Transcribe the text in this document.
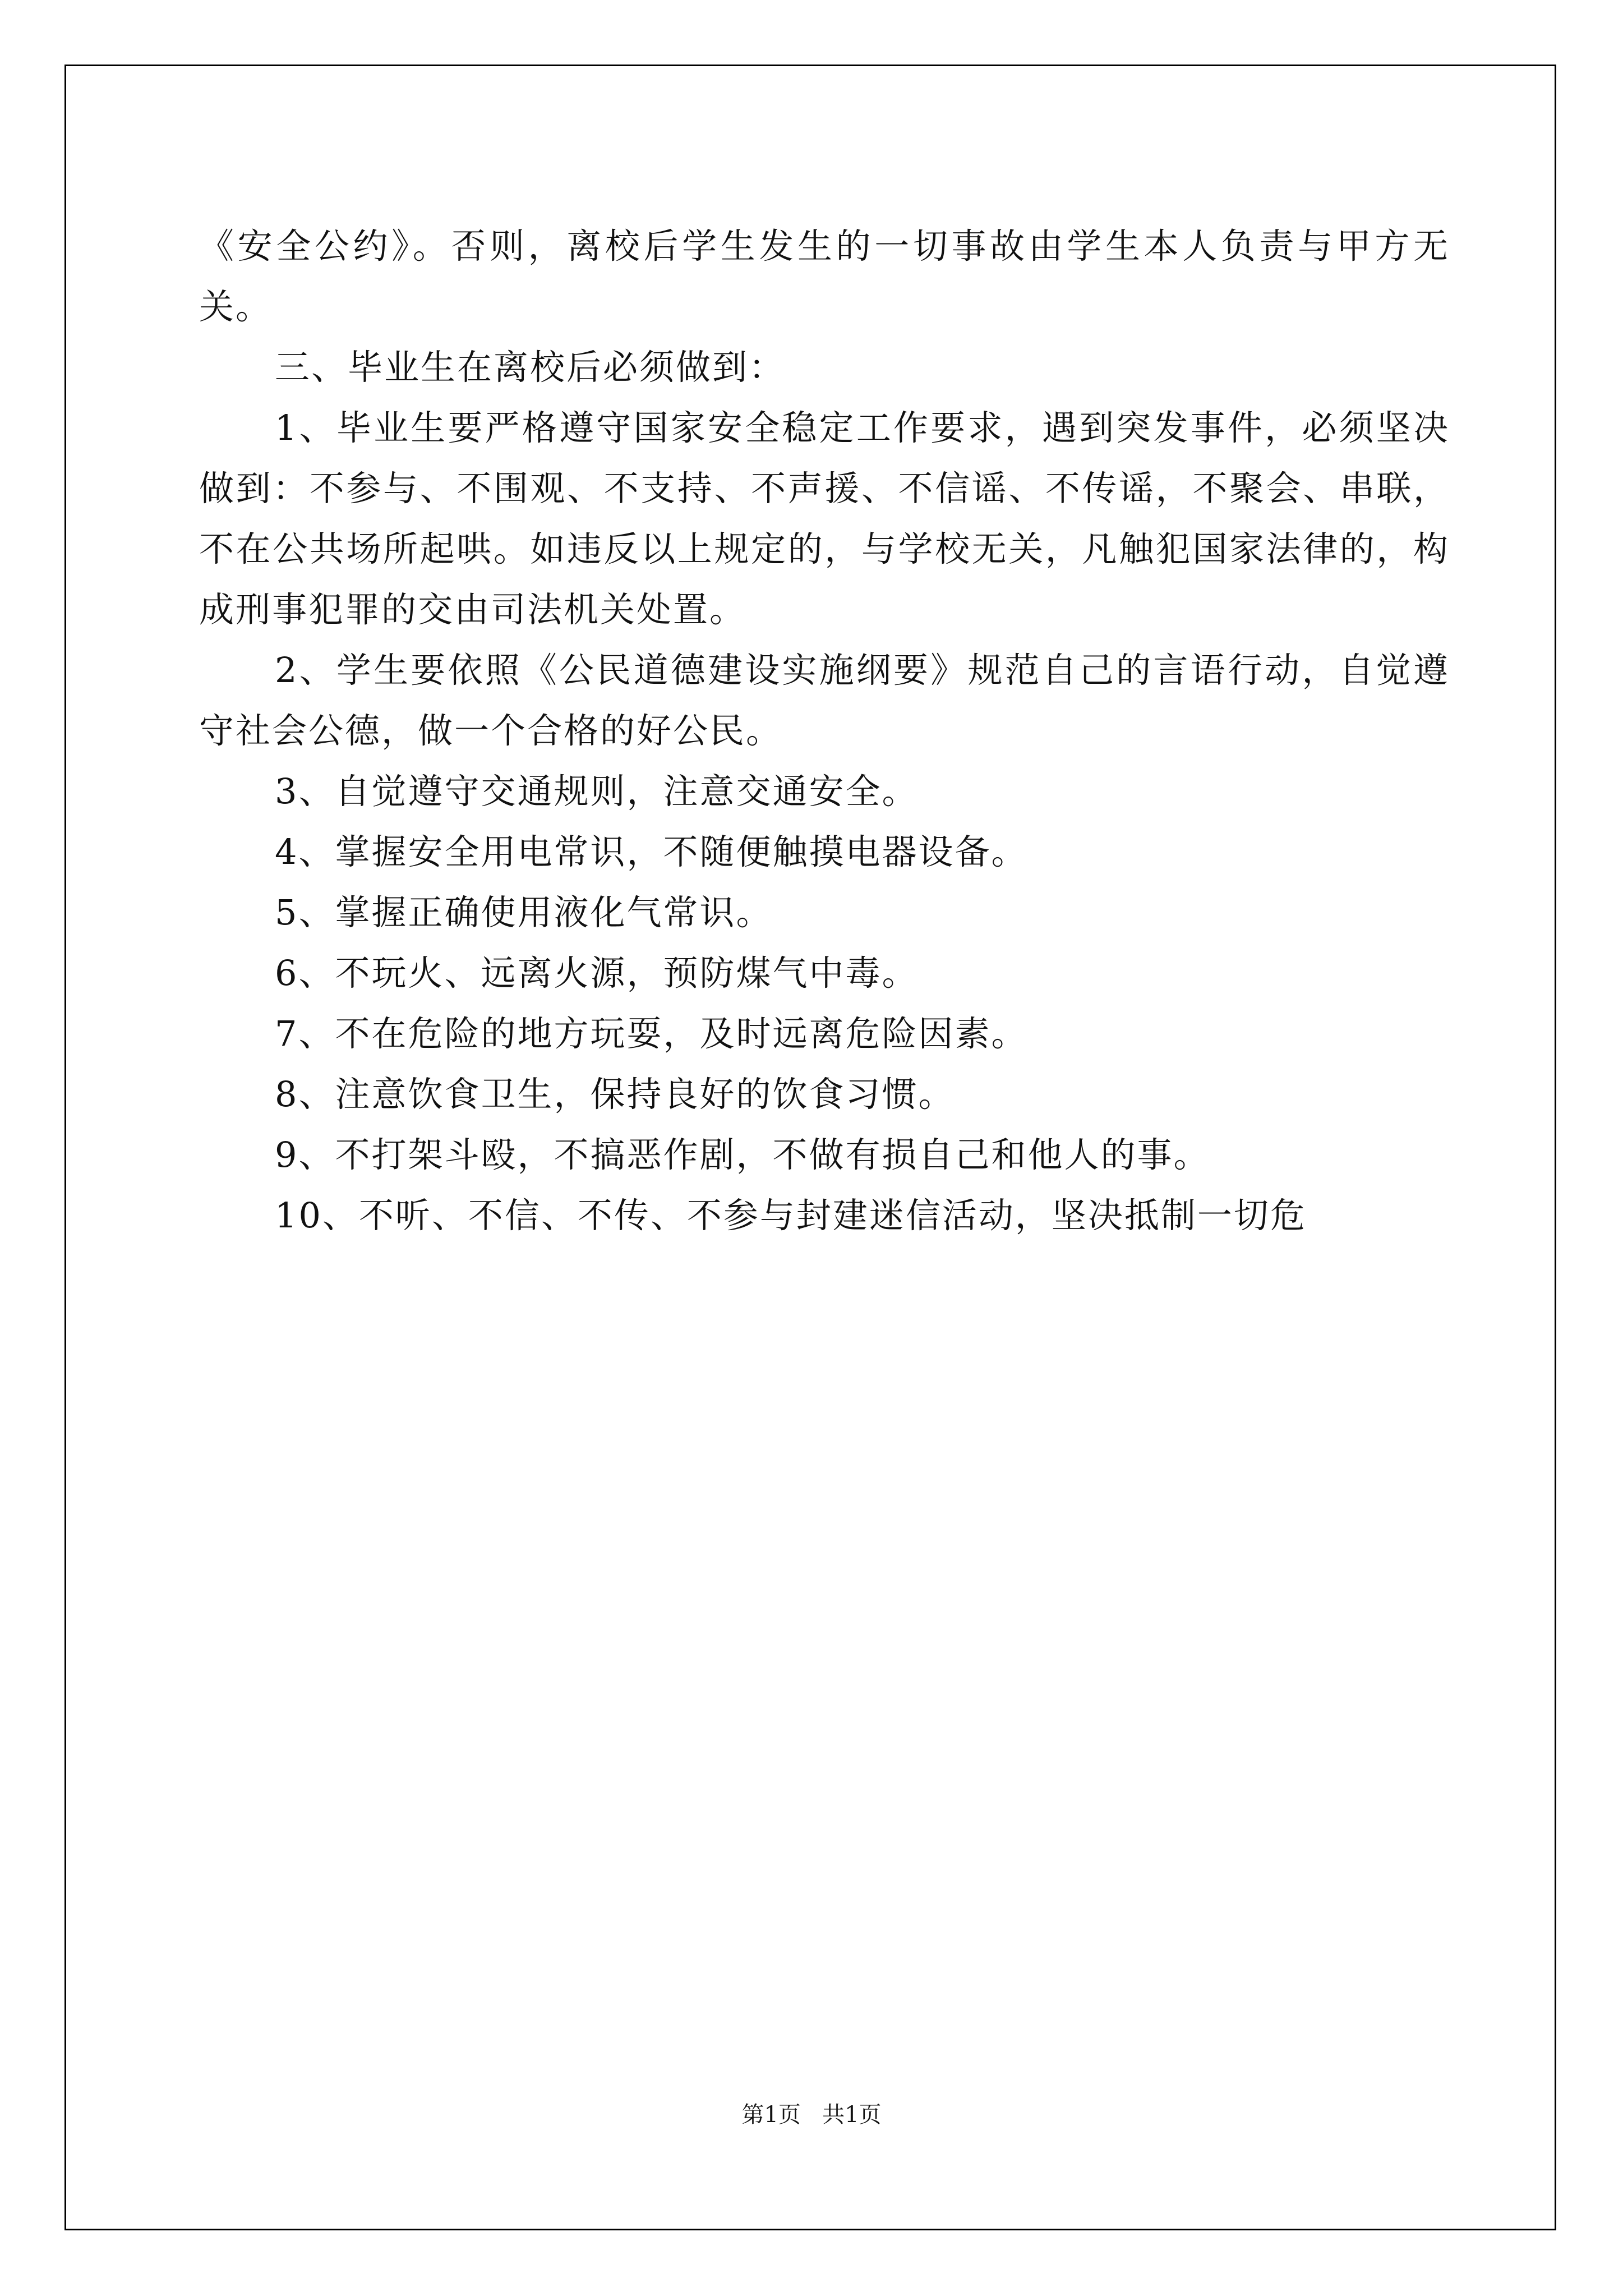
《安全公约》。否则，离校后学生发生的一切事故由学生本人负责与甲方无关。

三、毕业生在离校后必须做到：

1、毕业生要严格遵守国家安全稳定工作要求，遇到突发事件，必须坚决做到：不参与、不围观、不支持、不声援、不信谣、不传谣，不聚会、串联，不在公共场所起哄。如违反以上规定的，与学校无关，凡触犯国家法律的，构成刑事犯罪的交由司法机关处置。

2、学生要依照《公民道德建设实施纲要》规范自己的言语行动，自觉遵守社会公德，做一个合格的好公民。

3、自觉遵守交通规则，注意交通安全。

4、掌握安全用电常识，不随便触摸电器设备。

5、掌握正确使用液化气常识。

6、不玩火、远离火源，预防煤气中毒。

7、不在危险的地方玩耍，及时远离危险因素。

8、注意饮食卫生，保持良好的饮食习惯。

9、不打架斗殴，不搞恶作剧，不做有损自己和他人的事。

10、不听、不信、不传、不参与封建迷信活动，坚决抵制一切危

第1页 共1页
